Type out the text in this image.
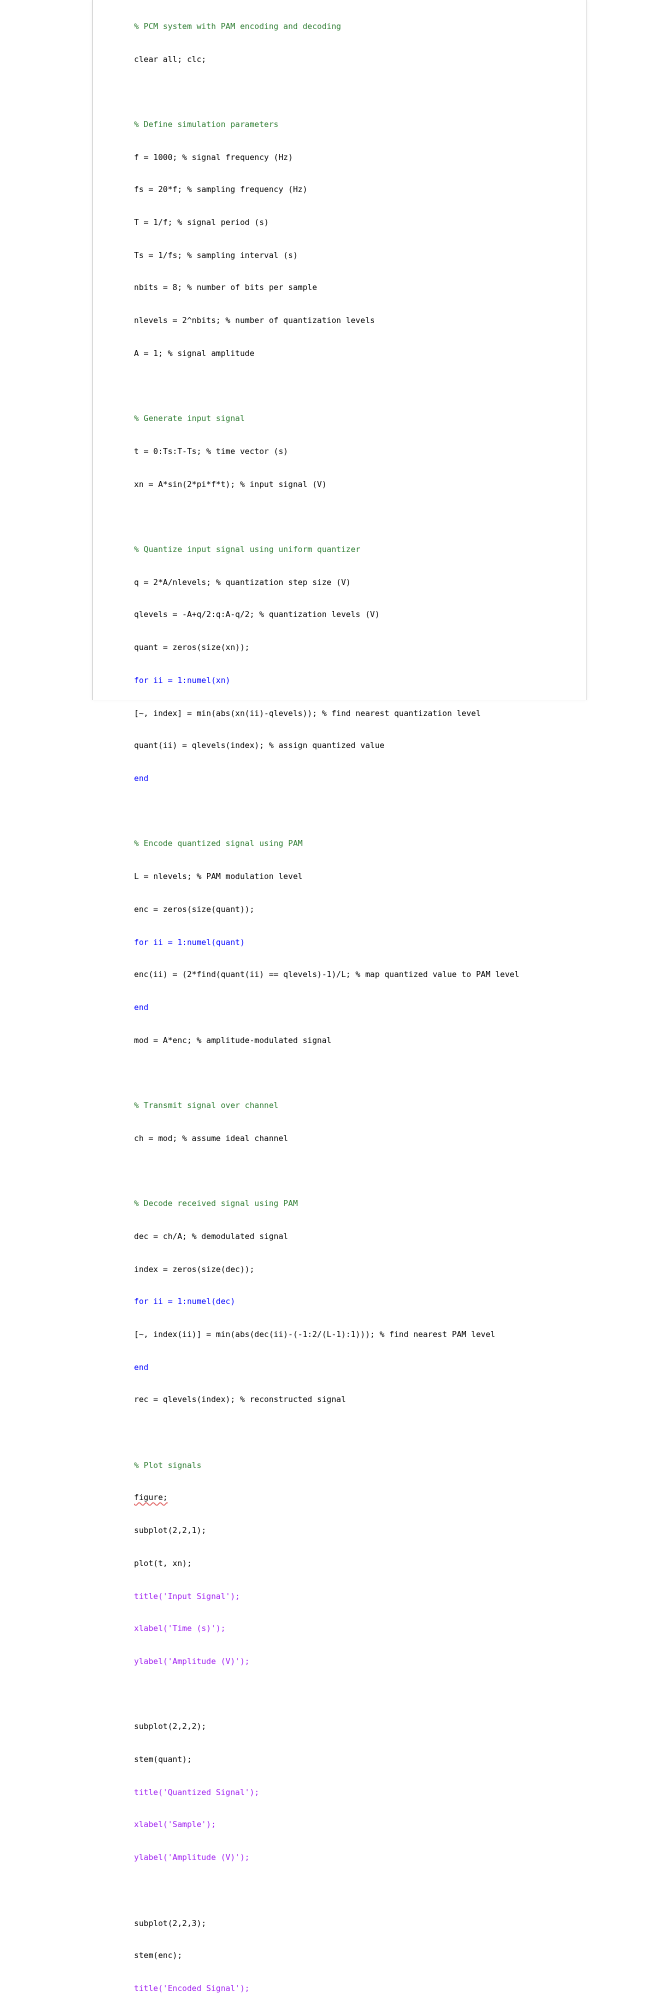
% PCM system with PAM encoding and decoding

clear all; clc;

% Define simulation parameters

f = 1000; % signal frequency (Hz)

fs = 20*f; % sampling frequency (Hz)

T = 1/f; % signal period (s)

Ts = 1/fs; % sampling interval (s)

nbits = 8; % number of bits per sample

nlevels = 2^nbits; % number of quantization levels

A = 1; % signal amplitude

% Generate input signal

t = 0:Ts:T-Ts; % time vector (s)

xn = A*sin(2*pi*f*t); % input signal (V)

% Quantize input signal using uniform quantizer

q = 2*A/nlevels; % quantization step size (V)

qlevels = -A+q/2:q:A-q/2; % quantization levels (V)

quant = zeros(size(xn));

for ii = 1:numel(xn)

[~, index] = min(abs(xn(ii)-qlevels)); % find nearest quantization level

quant(ii) = qlevels(index); % assign quantized value

end

% Encode quantized signal using PAM

L = nlevels; % PAM modulation level

enc = zeros(size(quant));

for ii = 1:numel(quant)

enc(ii) = (2*find(quant(ii) == qlevels)-1)/L; % map quantized value to PAM level

end

mod = A*enc; % amplitude-modulated signal

% Transmit signal over channel

ch = mod; % assume ideal channel

% Decode received signal using PAM

dec = ch/A; % demodulated signal

index = zeros(size(dec));

for ii = 1:numel(dec)

[~, index(ii)] = min(abs(dec(ii)-(-1:2/(L-1):1))); % find nearest PAM level

end

rec = qlevels(index); % reconstructed signal

% Plot signals

figure;

subplot(2,2,1);

plot(t, xn);

title('Input Signal');

xlabel('Time (s)');

ylabel('Amplitude (V)');

subplot(2,2,2);

stem(quant);

title('Quantized Signal');

xlabel('Sample');

ylabel('Amplitude (V)');

subplot(2,2,3);

stem(enc);

title('Encoded Signal');
